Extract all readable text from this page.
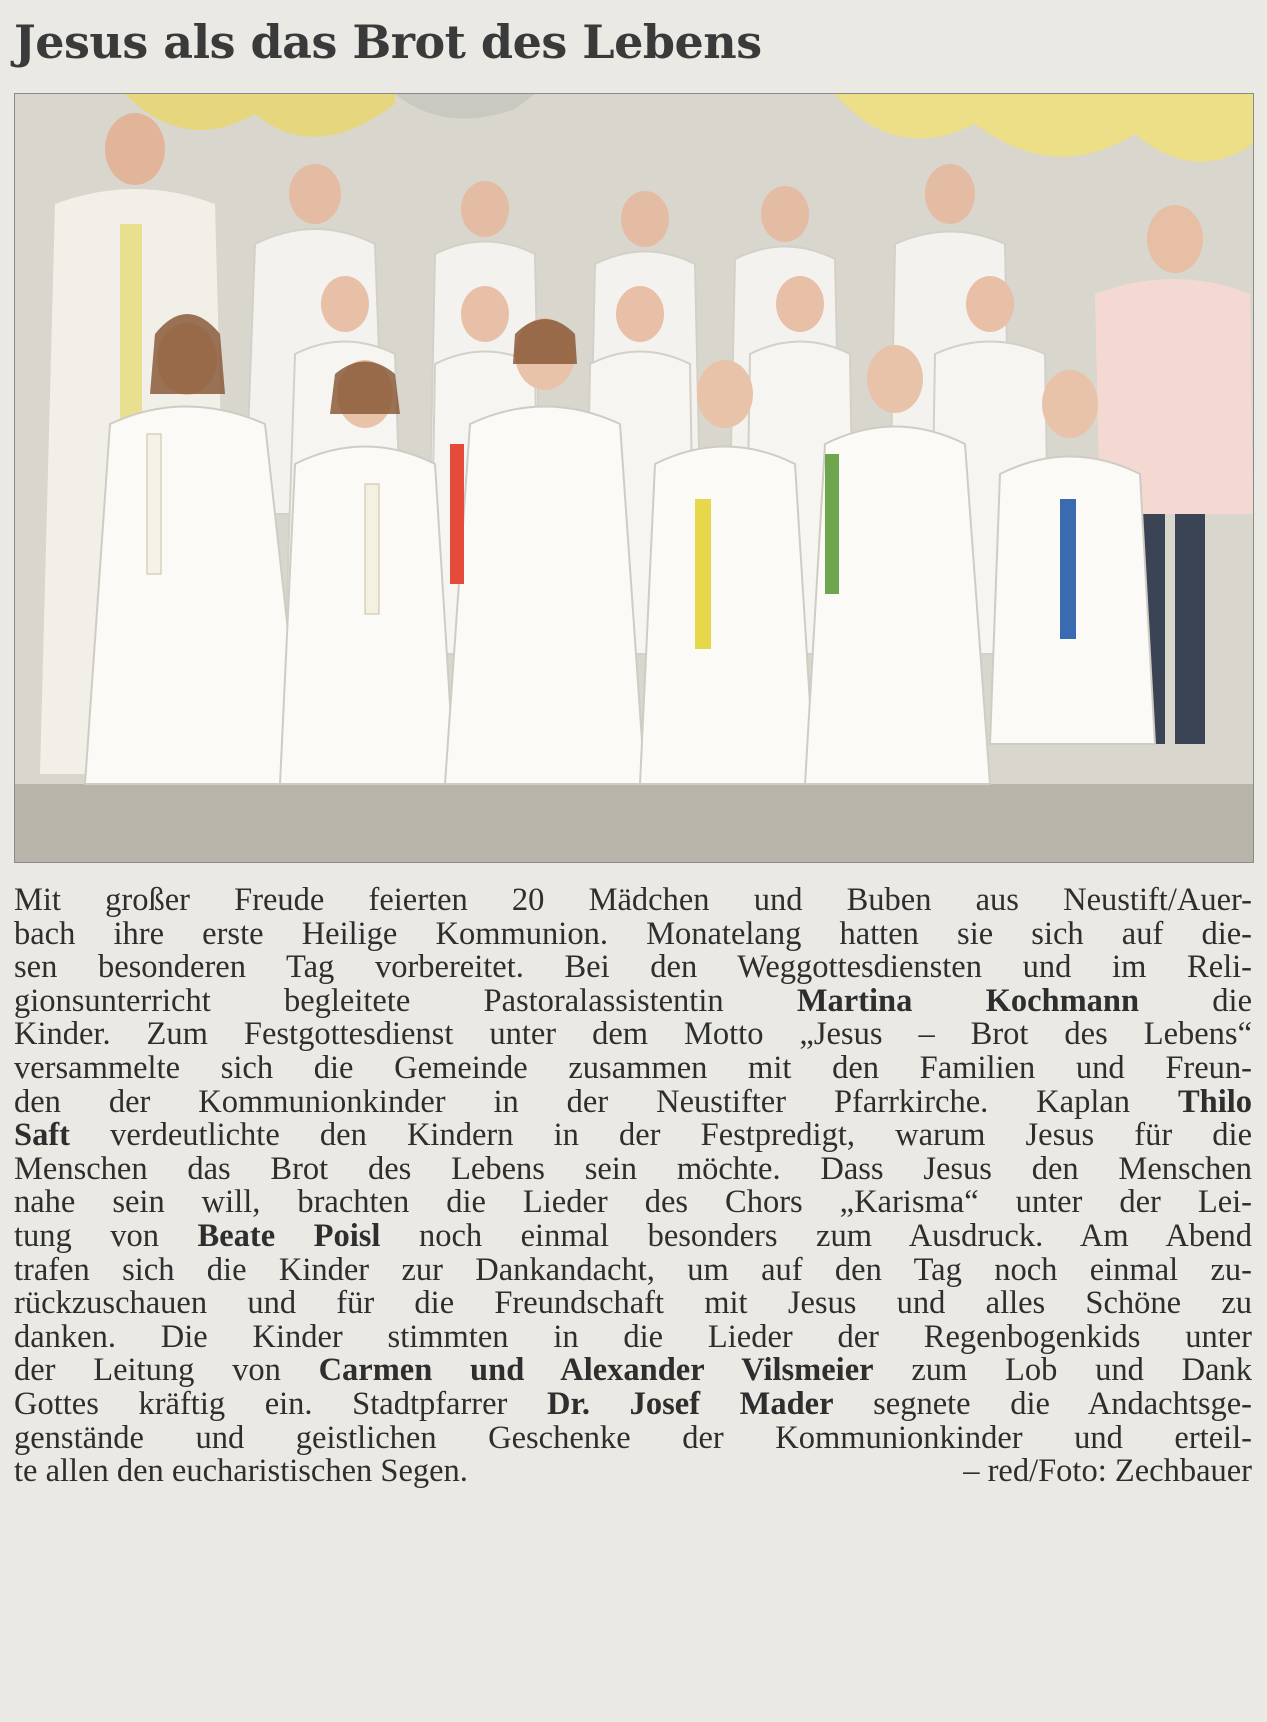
Jesus als das Brot des Lebens
Mit großer Freude feierten 20 Mädchen und Buben aus Neustift/Auer-
bach ihre erste Heilige Kommunion. Monatelang hatten sie sich auf die-
sen besonderen Tag vorbereitet. Bei den Weggottesdiensten und im Reli-
gionsunterricht begleitete Pastoralassistentin Martina Kochmann die
Kinder. Zum Festgottesdienst unter dem Motto „Jesus – Brot des Lebens“
versammelte sich die Gemeinde zusammen mit den Familien und Freun-
den der Kommunionkinder in der Neustifter Pfarrkirche. Kaplan Thilo
Saft verdeutlichte den Kindern in der Festpredigt, warum Jesus für die
Menschen das Brot des Lebens sein möchte. Dass Jesus den Menschen
nahe sein will, brachten die Lieder des Chors „Karisma“ unter der Lei-
tung von Beate Poisl noch einmal besonders zum Ausdruck. Am Abend
trafen sich die Kinder zur Dankandacht, um auf den Tag noch einmal zu-
rückzuschauen und für die Freundschaft mit Jesus und alles Schöne zu
danken. Die Kinder stimmten in die Lieder der Regenbogenkids unter
der Leitung von Carmen und Alexander Vilsmeier zum Lob und Dank
Gottes kräftig ein. Stadtpfarrer Dr. Josef Mader segnete die Andachtsge-
genstände und geistlichen Geschenke der Kommunionkinder und erteil-
te allen den eucharistischen Segen.	– red/Foto: Zechbauer
